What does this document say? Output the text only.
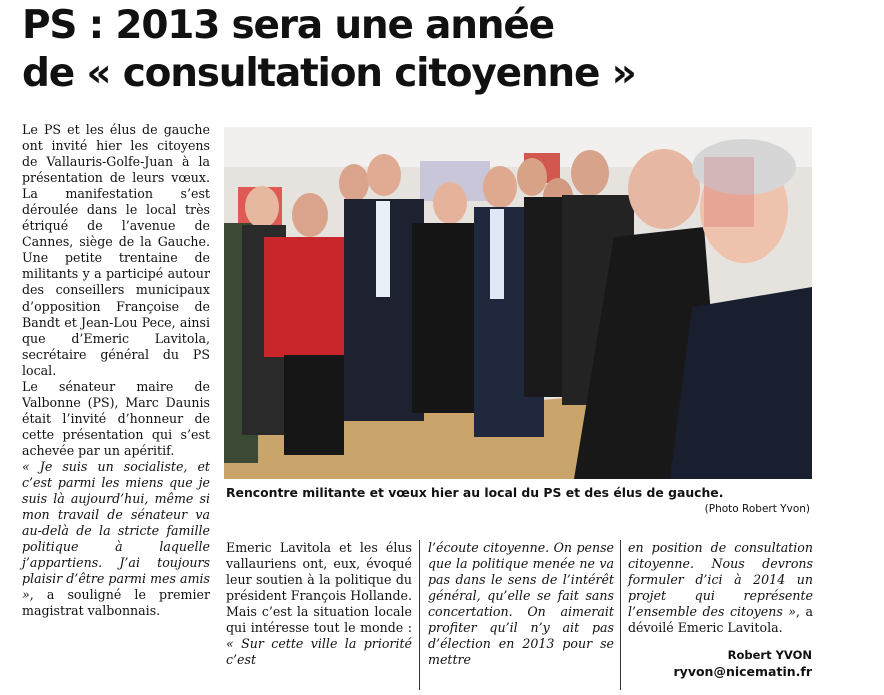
PS : 2013 sera une année
de « consultation citoyenne »

Le PS et les élus de gauche ont invité hier les citoyens de Vallauris-Golfe-Juan à la présentation de leurs vœux. La manifestation s’est déroulée dans le local très étriqué de l’avenue de Cannes, siège de la Gauche. Une petite trentaine de militants y a participé autour des conseillers municipaux d’opposition Françoise de Bandt et Jean-Lou Pece, ainsi que d’Emeric Lavitola, secrétaire général du PS local.

Le sénateur maire de Valbonne (PS), Marc Daunis était l’invité d’honneur de cette présentation qui s’est achevée par un apéritif.

« Je suis un socialiste, et c’est parmi les miens que je suis là aujourd’hui, même si mon travail de sénateur va au-delà de la stricte famille politique à laquelle j’appartiens. J’ai toujours plaisir d’être parmi mes amis », a souligné le premier magistrat valbonnais.

Rencontre militante et vœux hier au local du PS et des élus de gauche.
(Photo Robert Yvon)

Emeric Lavitola et les élus vallauriens ont, eux, évoqué leur soutien à la politique du président François Hollande. Mais c’est la situation locale qui intéresse tout le monde : « Sur cette ville la priorité c’est

l’écoute citoyenne. On pense que la politique menée ne va pas dans le sens de l’intérêt général, qu’elle se fait sans concertation. On aimerait profiter qu’il n’y ait pas d’élection en 2013 pour se mettre

en position de consultation citoyenne. Nous devrons formuler d’ici à 2014 un projet qui représente l’ensemble des citoyens », a dévoilé Emeric Lavitola.

Robert YVON
ryvon@nicematin.fr
